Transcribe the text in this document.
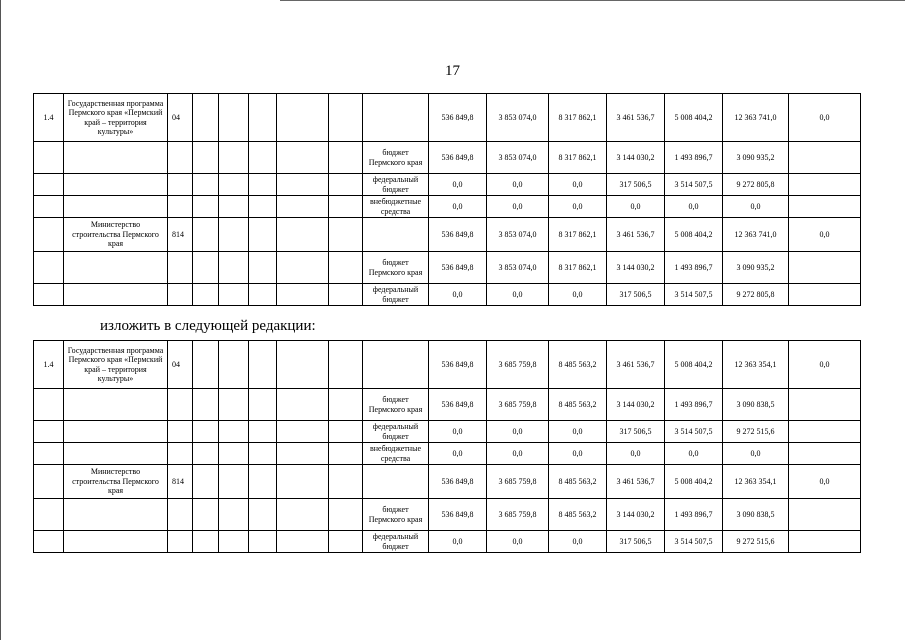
17
1.4	Государственная программа Пермского края «Пермский край – территория культуры»	04							536 849,8	3 853 074,0	8 317 862,1	3 461 536,7	5 008 404,2	12 363 741,0	0,0
								бюджет Пермского края	536 849,8	3 853 074,0	8 317 862,1	3 144 030,2	1 493 896,7	3 090 935,2	
								федеральный бюджет	0,0	0,0	0,0	317 506,5	3 514 507,5	9 272 805,8	
								внебюджетные средства	0,0	0,0	0,0	0,0	0,0	0,0	
	Министерство строительства Пермского края	814							536 849,8	3 853 074,0	8 317 862,1	3 461 536,7	5 008 404,2	12 363 741,0	0,0
								бюджет Пермского края	536 849,8	3 853 074,0	8 317 862,1	3 144 030,2	1 493 896,7	3 090 935,2	
								федеральный бюджет	0,0	0,0	0,0	317 506,5	3 514 507,5	9 272 805,8	
изложить в следующей редакции:
1.4	Государственная программа Пермского края «Пермский край – территория культуры»	04							536 849,8	3 685 759,8	8 485 563,2	3 461 536,7	5 008 404,2	12 363 354,1	0,0
								бюджет Пермского края	536 849,8	3 685 759,8	8 485 563,2	3 144 030,2	1 493 896,7	3 090 838,5	
								федеральный бюджет	0,0	0,0	0,0	317 506,5	3 514 507,5	9 272 515,6	
								внебюджетные средства	0,0	0,0	0,0	0,0	0,0	0,0	
	Министерство строительства Пермского края	814							536 849,8	3 685 759,8	8 485 563,2	3 461 536,7	5 008 404,2	12 363 354,1	0,0
								бюджет Пермского края	536 849,8	3 685 759,8	8 485 563,2	3 144 030,2	1 493 896,7	3 090 838,5	
								федеральный бюджет	0,0	0,0	0,0	317 506,5	3 514 507,5	9 272 515,6	
